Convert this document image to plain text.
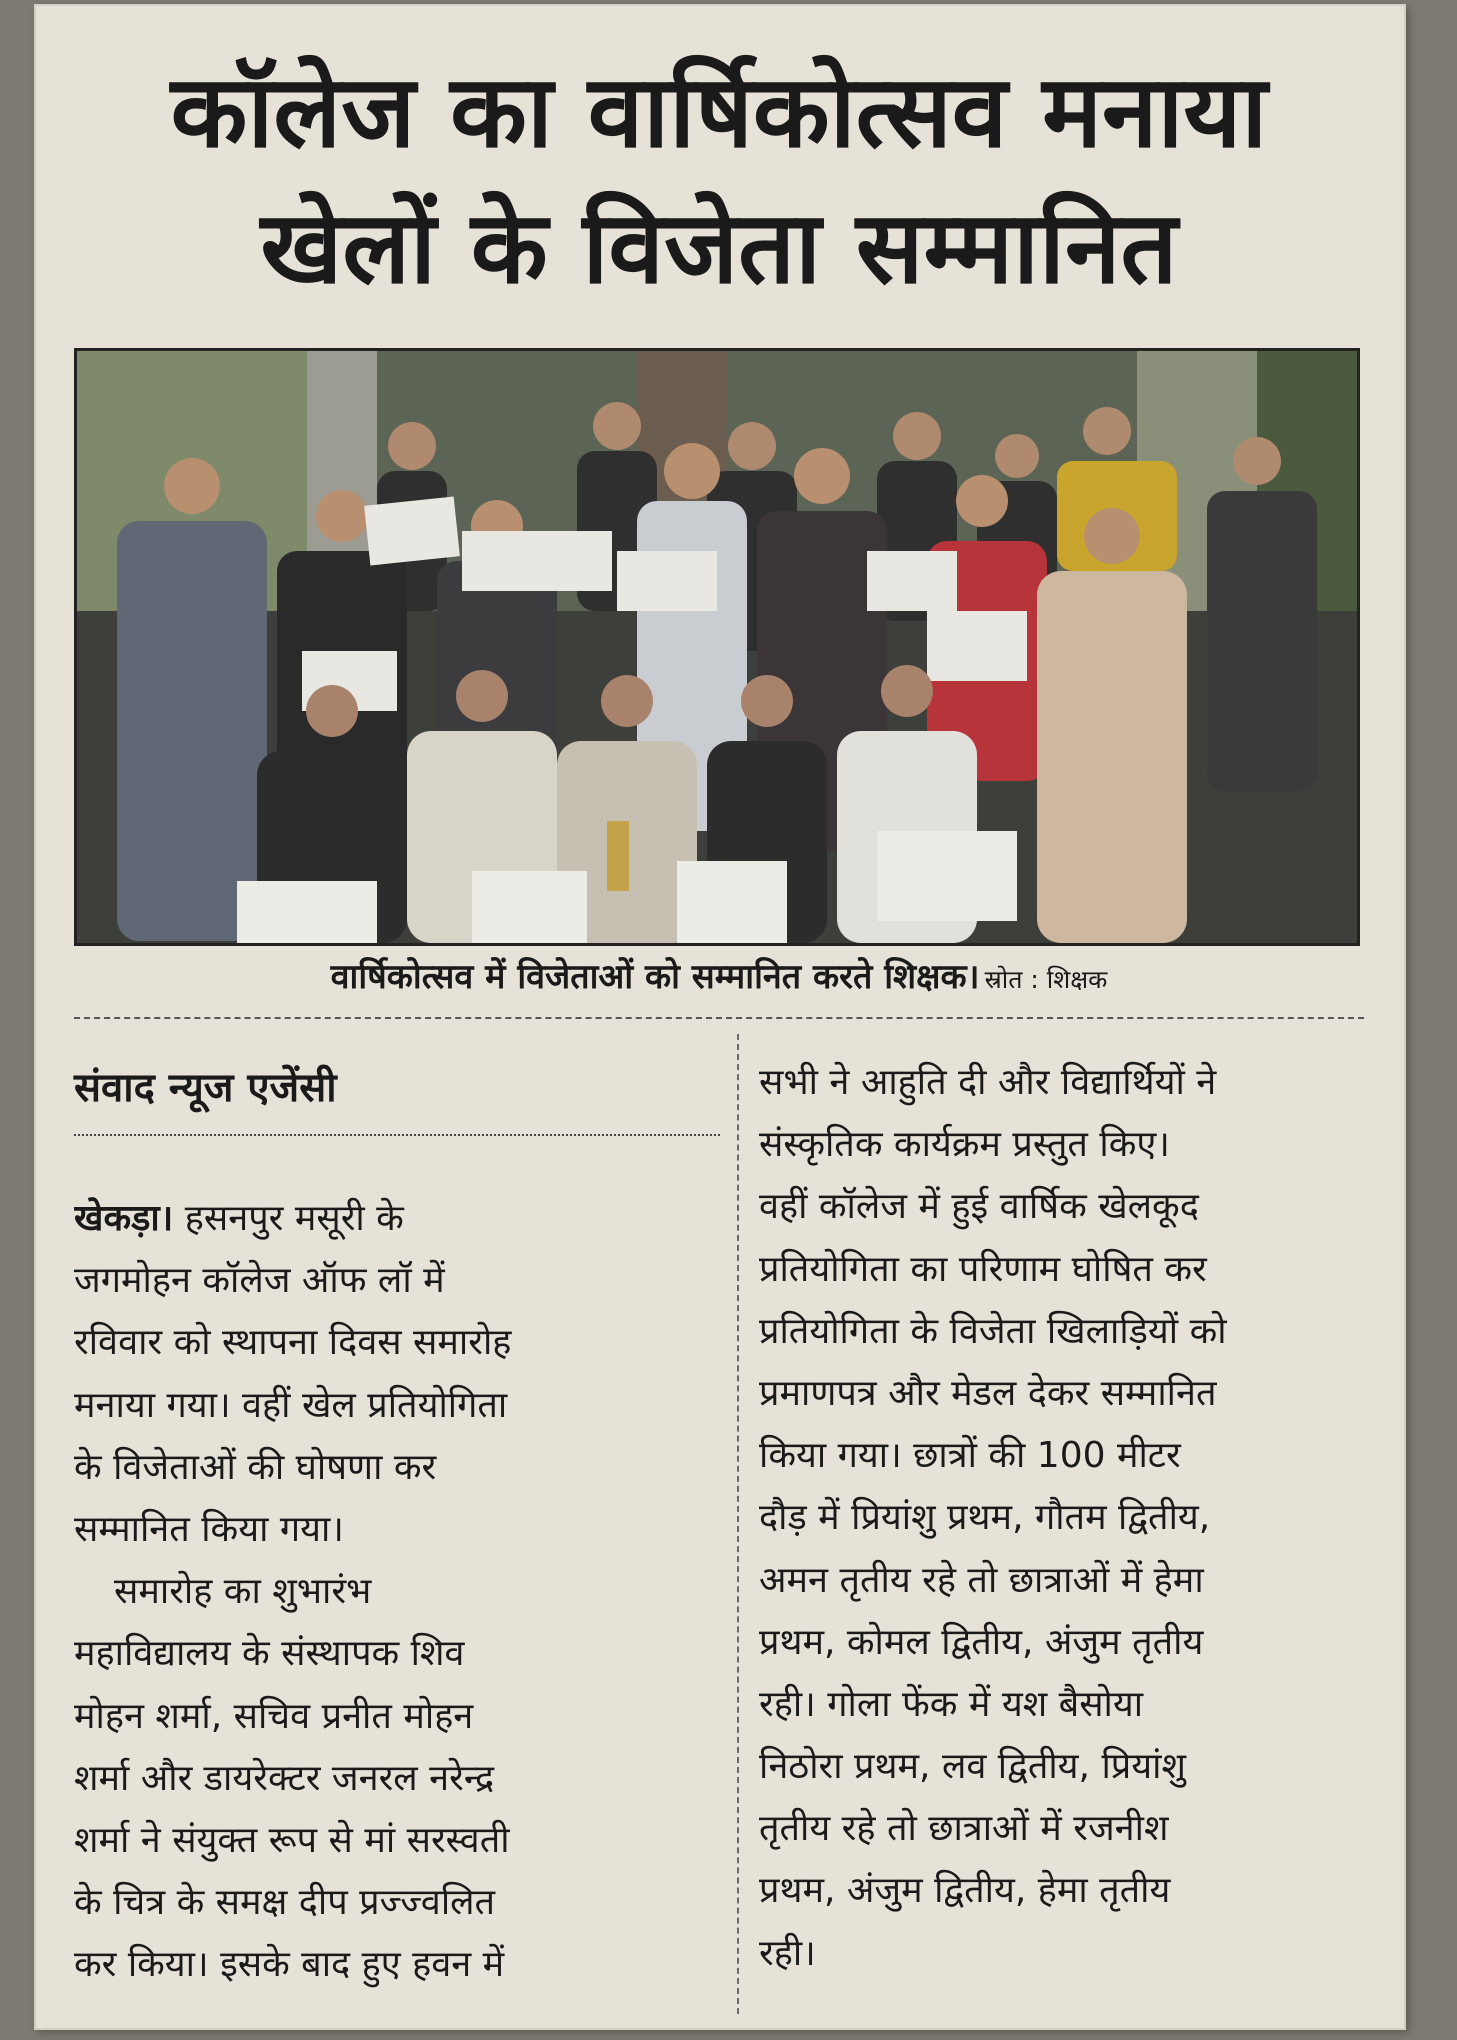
कॉलेज का वार्षिकोत्सव मनाया
खेलों के विजेता सम्मानित

वार्षिकोत्सव में विजेताओं को सम्मानित करते शिक्षक। स्रोत : शिक्षक

संवाद न्यूज एजेंसी

खेकड़ा। हसनपुर मसूरी के
जगमोहन कॉलेज ऑफ लॉ में
रविवार को स्थापना दिवस समारोह
मनाया गया। वहीं खेल प्रतियोगिता
के विजेताओं की घोषणा कर
सम्मानित किया गया।
समारोह का शुभारंभ
महाविद्यालय के संस्थापक शिव
मोहन शर्मा, सचिव प्रनीत मोहन
शर्मा और डायरेक्टर जनरल नरेन्द्र
शर्मा ने संयुक्त रूप से मां सरस्वती
के चित्र के समक्ष दीप प्रज्ज्वलित
कर किया। इसके बाद हुए हवन में
सभी ने आहुति दी और विद्यार्थियों ने
संस्कृतिक कार्यक्रम प्रस्तुत किए।
वहीं कॉलेज में हुई वार्षिक खेलकूद
प्रतियोगिता का परिणाम घोषित कर
प्रतियोगिता के विजेता खिलाड़ियों को
प्रमाणपत्र और मेडल देकर सम्मानित
किया गया। छात्रों की 100 मीटर
दौड़ में प्रियांशु प्रथम, गौतम द्वितीय,
अमन तृतीय रहे तो छात्राओं में हेमा
प्रथम, कोमल द्वितीय, अंजुम तृतीय
रही। गोला फेंक में यश बैसोया
निठोरा प्रथम, लव द्वितीय, प्रियांशु
तृतीय रहे तो छात्राओं में रजनीश
प्रथम, अंजुम द्वितीय, हेमा तृतीय
रही।
